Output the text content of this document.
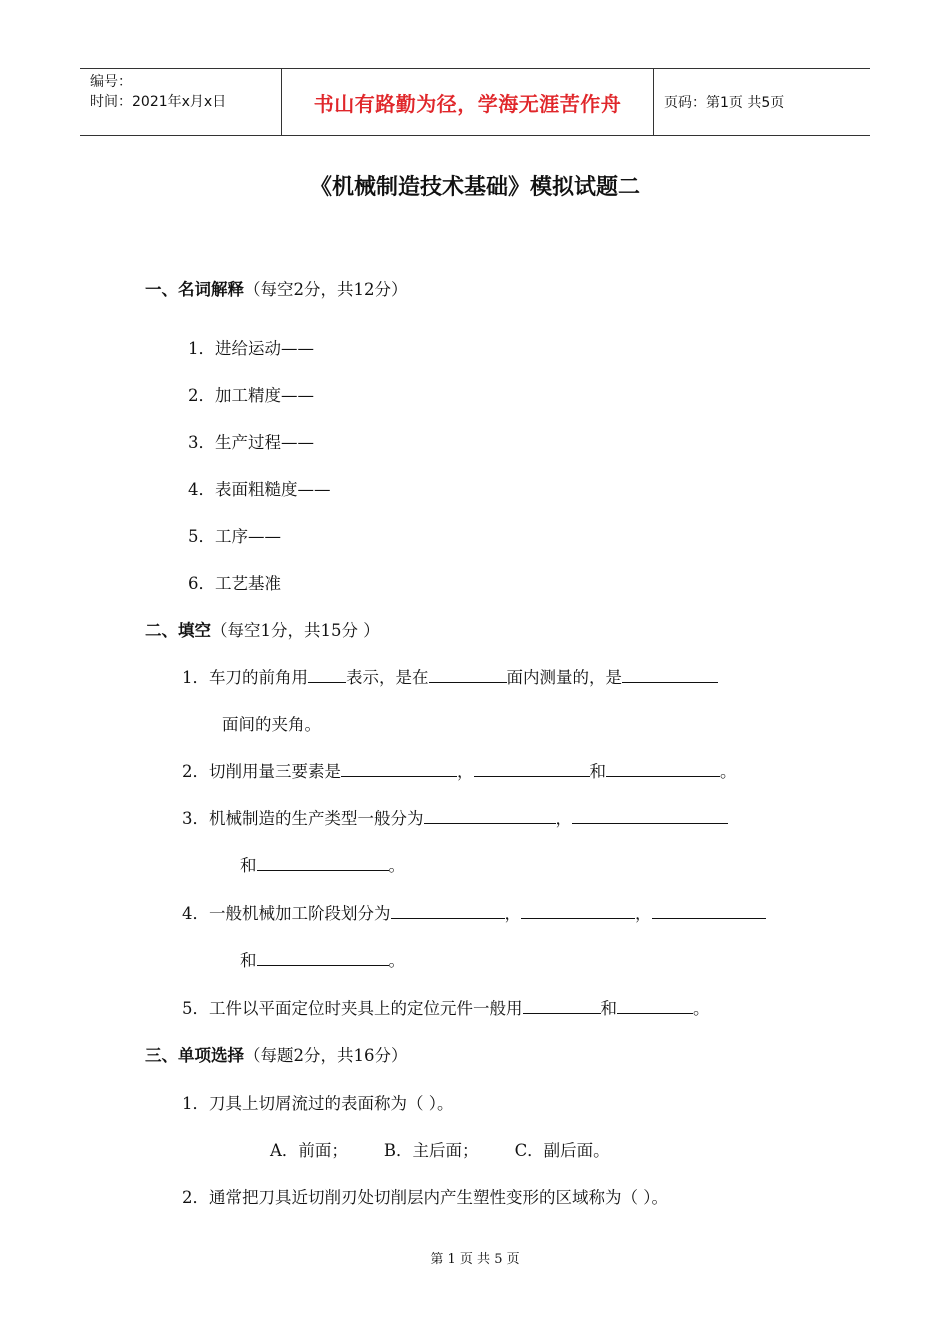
编号：
时间：2021年x月x日	书山有路勤为径，学海无涯苦作舟	页码：第1页 共5页
《机械制造技术基础》模拟试题二
一、名词解释（每空2分，共12分）
1．进给运动——
2．加工精度——
3．生产过程——
4．表面粗糙度——
5．工序——
6．工艺基准
二、填空（每空1分，共15分 ）
1．车刀的前角用 表示，是在	面内测量的，是
面间的夹角。
2．切削用量三要素是	，	和	。
3．机械制造的生产类型一般分为	，
和	。
4．一般机械加工阶段划分为	，	，
和	。
5．工件以平面定位时夹具上的定位元件一般用	和	。
三、单项选择（每题2分，共16分）
1．刀具上切屑流过的表面称为（ ）。
A．前面； B．主后面； C．副后面。
2．通常把刀具近切削刃处切削层内产生塑性变形的区域称为（ ）。
第 1 页 共 5 页
